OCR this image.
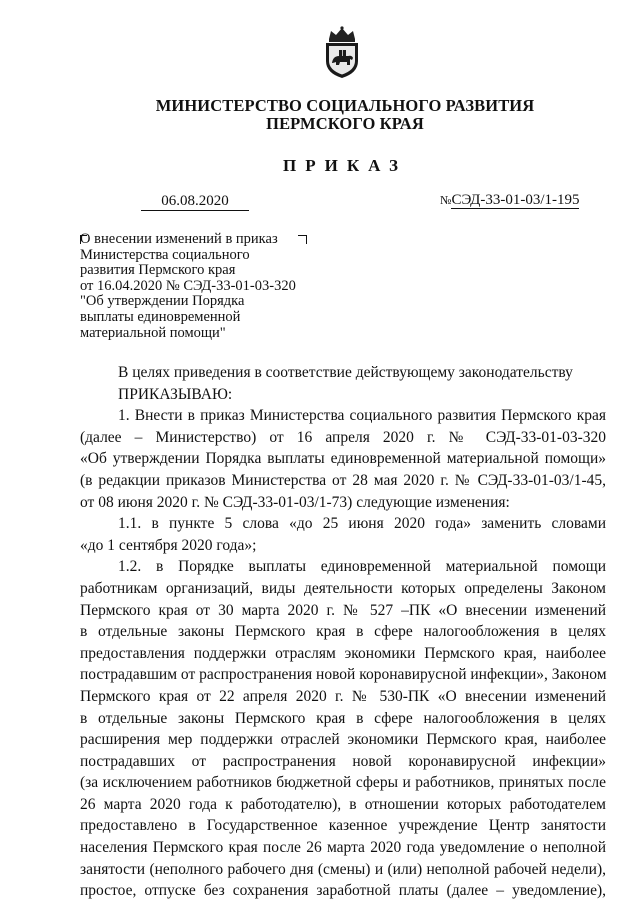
МИНИСТЕРСТВО СОЦИАЛЬНОГО РАЗВИТИЯ
ПЕРМСКОГО КРАЯ
ПРИКАЗ
06.08.2020	№СЭД-33-01-03/1-195
О внесении изменений в приказ
Министерства социального
развития Пермского края
от 16.04.2020 № СЭД-33-01-03-320
"Об утверждении Порядка
выплаты единовременной
материальной помощи"
В целях приведения в соответствие действующему законодательству
ПРИКАЗЫВАЮ:
1. Внести в приказ Министерства социального развития Пермского края
(далее – Министерство) от 16 апреля 2020 г. № СЭД-33-01-03-320
«Об утверждении Порядка выплаты единовременной материальной помощи»
(в редакции приказов Министерства от 28 мая 2020 г. № СЭД-33-01-03/1-45,
от 08 июня 2020 г. № СЭД-33-01-03/1-73) следующие изменения:
1.1. в пункте 5 слова «до 25 июня 2020 года» заменить словами
«до 1 сентября 2020 года»;
1.2. в Порядке выплаты единовременной материальной помощи
работникам организаций, виды деятельности которых определены Законом
Пермского края от 30 марта 2020 г. № 527 –ПК «О внесении изменений
в отдельные законы Пермского края в сфере налогообложения в целях
предоставления поддержки отраслям экономики Пермского края, наиболее
пострадавшим от распространения новой коронавирусной инфекции», Законом
Пермского края от 22 апреля 2020 г. № 530-ПК «О внесении изменений
в отдельные законы Пермского края в сфере налогообложения в целях
расширения мер поддержки отраслей экономики Пермского края, наиболее
пострадавших от распространения новой коронавирусной инфекции»
(за исключением работников бюджетной сферы и работников, принятых после
26 марта 2020 года к работодателю), в отношении которых работодателем
предоставлено в Государственное казенное учреждение Центр занятости
населения Пермского края после 26 марта 2020 года уведомление о неполной
занятости (неполного рабочего дня (смены) и (или) неполной рабочей недели),
простое, отпуске без сохранения заработной платы (далее – уведомление),
